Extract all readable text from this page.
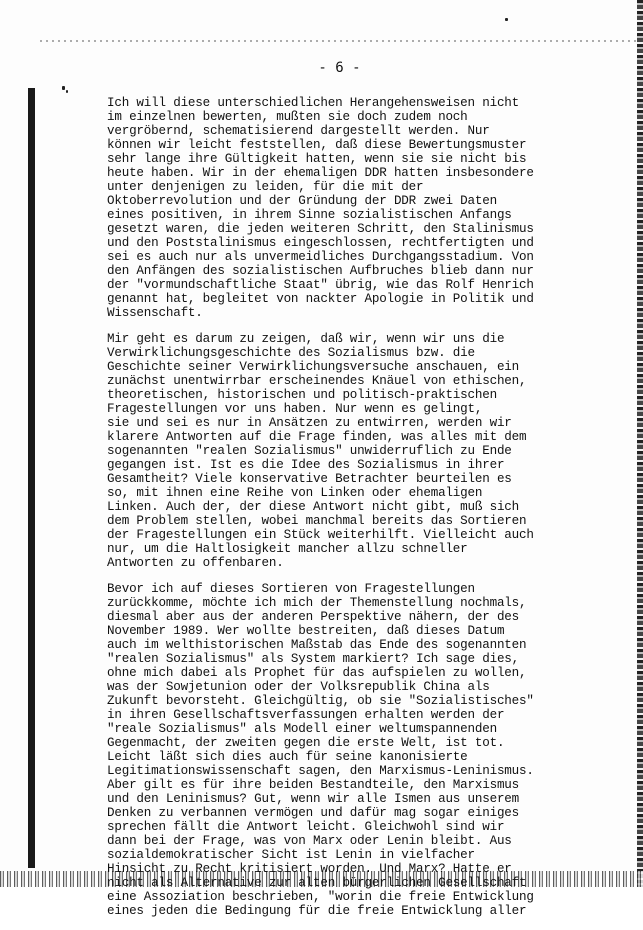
- 6 -

Ich will diese unterschiedlichen Herangehensweisen nicht
im einzelnen bewerten, mußten sie doch zudem noch
vergröbernd, schematisierend dargestellt werden. Nur
können wir leicht feststellen, daß diese Bewertungsmuster
sehr lange ihre Gültigkeit hatten, wenn sie sie nicht bis
heute haben. Wir in der ehemaligen DDR hatten insbesondere
unter denjenigen zu leiden, für die mit der
Oktoberrevolution und der Gründung der DDR zwei Daten
eines positiven, in ihrem Sinne sozialistischen Anfangs
gesetzt waren, die jeden weiteren Schritt, den Stalinismus
und den Poststalinismus eingeschlossen, rechtfertigten und
sei es auch nur als unvermeidliches Durchgangsstadium. Von
den Anfängen des sozialistischen Aufbruches blieb dann nur
der "vormundschaftliche Staat" übrig, wie das Rolf Henrich
genannt hat, begleitet von nackter Apologie in Politik und
Wissenschaft.

Mir geht es darum zu zeigen, daß wir, wenn wir uns die
Verwirklichungsgeschichte des Sozialismus bzw. die
Geschichte seiner Verwirklichungsversuche anschauen, ein
zunächst unentwirrbar erscheinendes Knäuel von ethischen,
theoretischen, historischen und politisch-praktischen
Fragestellungen vor uns haben. Nur wenn es gelingt,
sie und sei es nur in Ansätzen zu entwirren, werden wir
klarere Antworten auf die Frage finden, was alles mit dem
sogenannten "realen Sozialismus" unwiderruflich zu Ende
gegangen ist. Ist es die Idee des Sozialismus in ihrer
Gesamtheit? Viele konservative Betrachter beurteilen es
so, mit ihnen eine Reihe von Linken oder ehemaligen
Linken. Auch der, der diese Antwort nicht gibt, muß sich
dem Problem stellen, wobei manchmal bereits das Sortieren
der Fragestellungen ein Stück weiterhilft. Vielleicht auch
nur, um die Haltlosigkeit mancher allzu schneller
Antworten zu offenbaren.

Bevor ich auf dieses Sortieren von Fragestellungen
zurückkomme, möchte ich mich der Themenstellung nochmals,
diesmal aber aus der anderen Perspektive nähern, der des
November 1989. Wer wollte bestreiten, daß dieses Datum
auch im welthistorischen Maßstab das Ende des sogenannten
"realen Sozialismus" als System markiert? Ich sage dies,
ohne mich dabei als Prophet für das aufspielen zu wollen,
was der Sowjetunion oder der Volksrepublik China als
Zukunft bevorsteht. Gleichgültig, ob sie "Sozialistisches"
in ihren Gesellschaftsverfassungen erhalten werden der
"reale Sozialismus" als Modell einer weltumspannenden
Gegenmacht, der zweiten gegen die erste Welt, ist tot.
Leicht läßt sich dies auch für seine kanonisierte
Legitimationswissenschaft sagen, den Marxismus-Leninismus.
Aber gilt es für ihre beiden Bestandteile, den Marxismus
und den Leninismus? Gut, wenn wir alle Ismen aus unserem
Denken zu verbannen vermögen und dafür mag sogar einiges
sprechen fällt die Antwort leicht. Gleichwohl sind wir
dann bei der Frage, was von Marx oder Lenin bleibt. Aus
sozialdemokratischer Sicht ist Lenin in vielfacher
Hinsicht zu Recht kritisiert worden. Und Marx? Hatte er
nicht als Alternative zur alten bürgerlichen Gesellschaft
eine Assoziation beschrieben, "worin die freie Entwicklung
eines jeden die Bedingung für die freie Entwicklung aller
